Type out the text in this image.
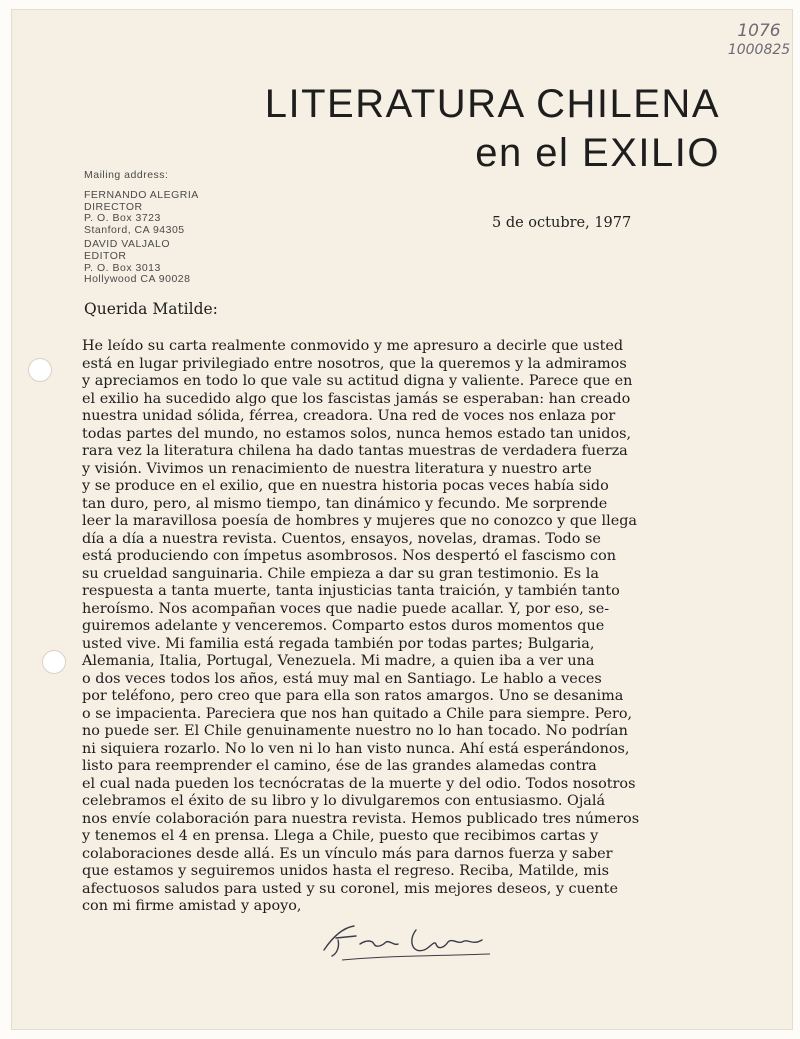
1076
1000825
LITERATURA CHILENA
en el EXILIO
Mailing address:
FERNANDO ALEGRIA
DIRECTOR
P. O. Box 3723
Stanford, CA 94305
DAVID VALJALO
EDITOR
P. O. Box 3013
Hollywood CA 90028
5 de octubre, 1977
Querida Matilde:
He leído su carta realmente conmovido y me apresuro a decirle que usted
está en lugar privilegiado entre nosotros, que la queremos y la admiramos
y apreciamos en todo lo que vale su actitud digna y valiente. Parece que en
el exilio ha sucedido algo que los fascistas jamás se esperaban: han creado
nuestra unidad sólida, férrea, creadora. Una red de voces nos enlaza por
todas partes del mundo, no estamos solos, nunca hemos estado tan unidos,
rara vez la literatura chilena ha dado tantas muestras de verdadera fuerza
y visión. Vivimos un renacimiento de nuestra literatura y nuestro arte
y se produce en el exilio, que en nuestra historia pocas veces había sido
tan duro, pero, al mismo tiempo, tan dinámico y fecundo. Me sorprende
leer la maravillosa poesía de hombres y mujeres que no conozco y que llega
día a día a nuestra revista. Cuentos, ensayos, novelas, dramas. Todo se
está produciendo con ímpetus asombrosos. Nos despertó el fascismo con
su crueldad sanguinaria. Chile empieza a dar su gran testimonio. Es la
respuesta a tanta muerte, tanta injusticias tanta traición, y también tanto
heroísmo. Nos acompañan voces que nadie puede acallar. Y, por eso, se-
guiremos adelante y venceremos. Comparto estos duros momentos que
usted vive. Mi familia está regada también por todas partes; Bulgaria,
Alemania, Italia, Portugal, Venezuela. Mi madre, a quien iba a ver una
o dos veces todos los años, está muy mal en Santiago. Le hablo a veces
por teléfono, pero creo que para ella son ratos amargos. Uno se desanima
o se impacienta. Pareciera que nos han quitado a Chile para siempre. Pero,
no puede ser. El Chile genuinamente nuestro no lo han tocado. No podrían
ni siquiera rozarlo. No lo ven ni lo han visto nunca. Ahí está esperándonos,
listo para reemprender el camino, ése de las grandes alamedas contra
el cual nada pueden los tecnócratas de la muerte y del odio. Todos nosotros
celebramos el éxito de su libro y lo divulgaremos con entusiasmo. Ojalá
nos envíe colaboración para nuestra revista. Hemos publicado tres números
y tenemos el 4 en prensa. Llega a Chile, puesto que recibimos cartas y
colaboraciones desde allá. Es un vínculo más para darnos fuerza y saber
que estamos y seguiremos unidos hasta el regreso. Reciba, Matilde, mis
afectuosos saludos para usted y su coronel, mis mejores deseos, y cuente
con mi firme amistad y apoyo,
